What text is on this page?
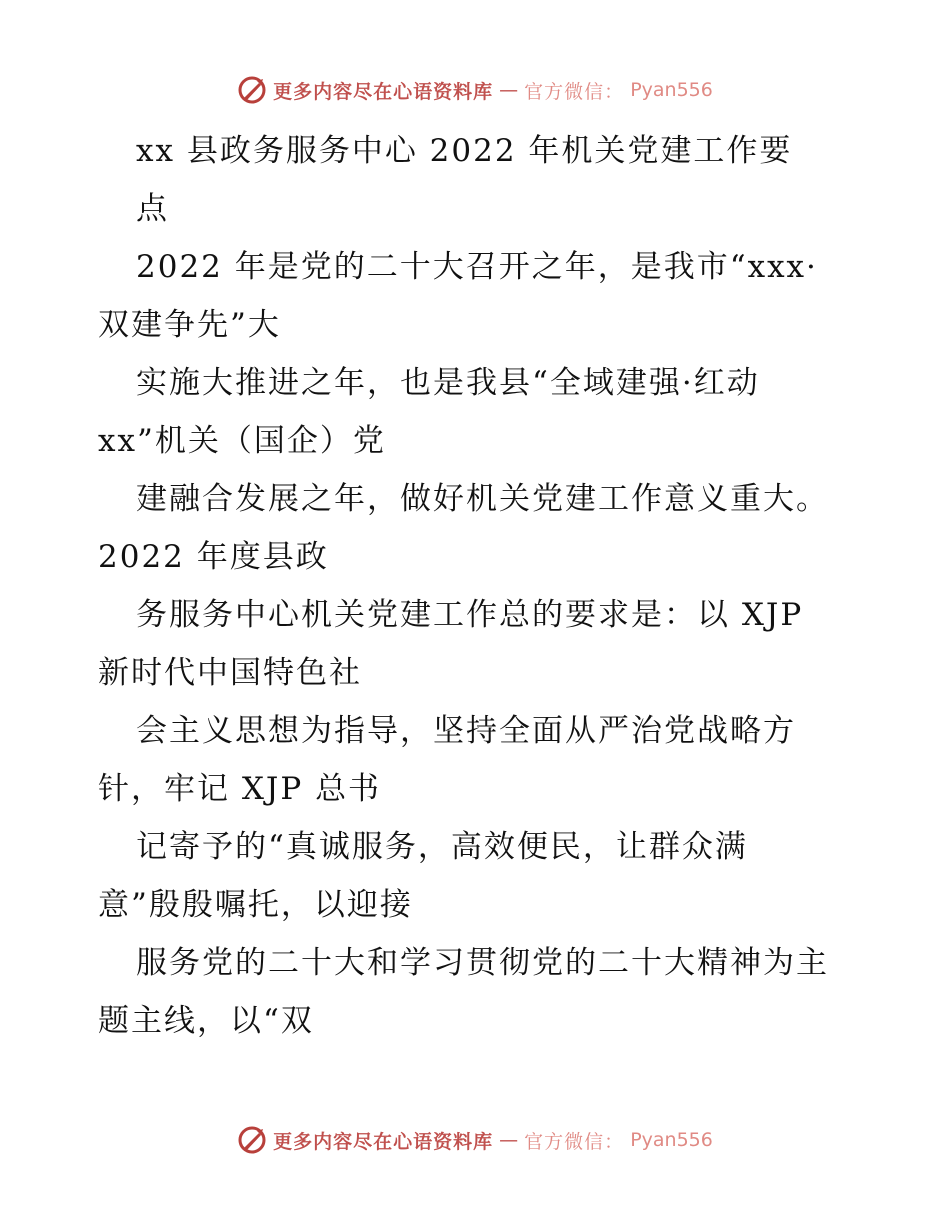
更多内容尽在心语资料库 — 官方微信： Pyan556
xx 县政务服务中心 2022 年机关党建工作要
点
2022 年是党的二十大召开之年，是我市“xxx·
双建争先”大
实施大推进之年，也是我县“全域建强·红动
xx”机关（国企）党
建融合发展之年，做好机关党建工作意义重大。
2022 年度县政
务服务中心机关党建工作总的要求是：以 XJP
新时代中国特色社
会主义思想为指导，坚持全面从严治党战略方
针，牢记 XJP 总书
记寄予的“真诚服务，高效便民，让群众满
意”殷殷嘱托，以迎接
服务党的二十大和学习贯彻党的二十大精神为主
题主线，以“双
更多内容尽在心语资料库 — 官方微信： Pyan556
